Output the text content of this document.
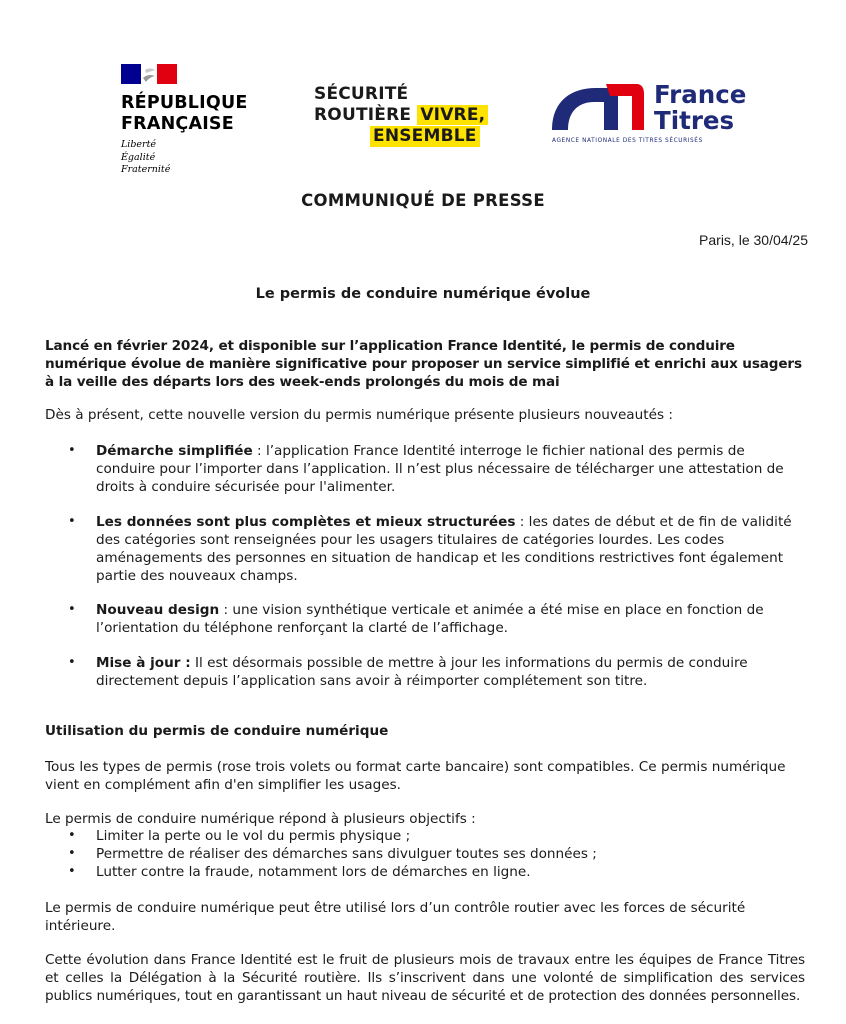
RÉPUBLIQUE
FRANÇAISE
Liberté
Égalité
Fraternité
SÉCURITÉ
ROUTIÈRE VIVRE,
ENSEMBLE
France
Titres
AGENCE NATIONALE DES TITRES SÉCURISÉS
COMMUNIQUÉ DE PRESSE
Paris, le 30/04/25
Le permis de conduire numérique évolue

Lancé en février 2024, et disponible sur l’application France Identité, le permis de conduire numérique évolue de manière significative pour proposer un service simplifié et enrichi aux usagers à la veille des départs lors des week-ends prolongés du mois de mai

Dès à présent, cette nouvelle version du permis numérique présente plusieurs nouveautés :

• Démarche simplifiée : l’application France Identité interroge le fichier national des permis de conduire pour l’importer dans l’application. Il n’est plus nécessaire de télécharger une attestation de droits à conduire sécurisée pour l'alimenter.
• Les données sont plus complètes et mieux structurées : les dates de début et de fin de validité des catégories sont renseignées pour les usagers titulaires de catégories lourdes. Les codes aménagements des personnes en situation de handicap et les conditions restrictives font également partie des nouveaux champs.
• Nouveau design : une vision synthétique verticale et animée a été mise en place en fonction de l’orientation du téléphone renforçant la clarté de l’affichage.
• Mise à jour : Il est désormais possible de mettre à jour les informations du permis de conduire directement depuis l’application sans avoir à réimporter complétement son titre.
Utilisation du permis de conduire numérique

Tous les types de permis (rose trois volets ou format carte bancaire) sont compatibles. Ce permis numérique vient en complément afin d'en simplifier les usages.

Le permis de conduire numérique répond à plusieurs objectifs :

• Limiter la perte ou le vol du permis physique ;
• Permettre de réaliser des démarches sans divulguer toutes ses données ;
• Lutter contre la fraude, notamment lors de démarches en ligne.

Le permis de conduire numérique peut être utilisé lors d’un contrôle routier avec les forces de sécurité intérieure.

Cette évolution dans France Identité est le fruit de plusieurs mois de travaux entre les équipes de France Titres et celles la Délégation à la Sécurité routière. Ils s’inscrivent dans une volonté de simplification des services publics numériques, tout en garantissant un haut niveau de sécurité et de protection des données personnelles.
